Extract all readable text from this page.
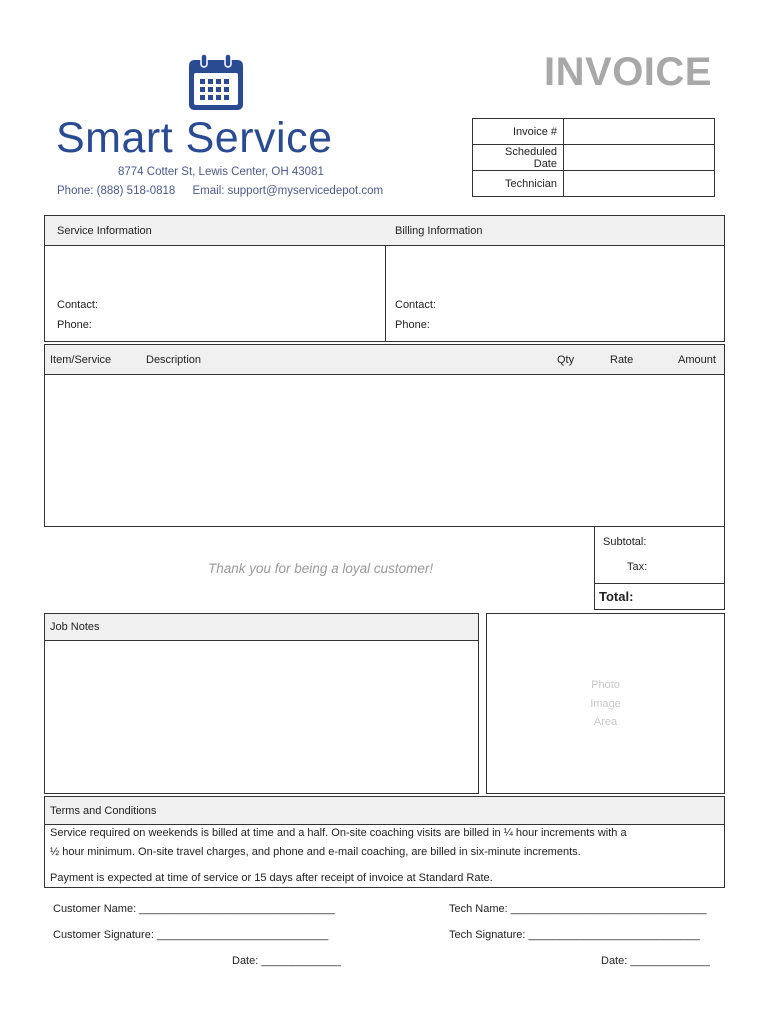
Smart Service
8774 Cotter St, Lewis Center, OH 43081
Phone: (888) 518-0818 Email: support@myservicedepot.com
INVOICE
Invoice #	
Scheduled Date	
Technician	
Service Information	Billing Information
Contact:
Phone:
Contact:
Phone:
Item/Service	Description	Qty	Rate	Amount
Thank you for being a loyal customer!
Subtotal:
Tax:
Total:
Job Notes
Photo
Image
Area
Terms and Conditions
Service required on weekends is billed at time and a half. On-site coaching visits are billed in ¼ hour increments with a
½ hour minimum. On-site travel charges, and phone and e-mail coaching, are billed in six-minute increments.
Payment is expected at time of service or 15 days after receipt of invoice at Standard Rate.
Customer Name: ________________________________
Customer Signature: ____________________________
Date: _____________
Tech Name: ________________________________
Tech Signature: ____________________________
Date: _____________
